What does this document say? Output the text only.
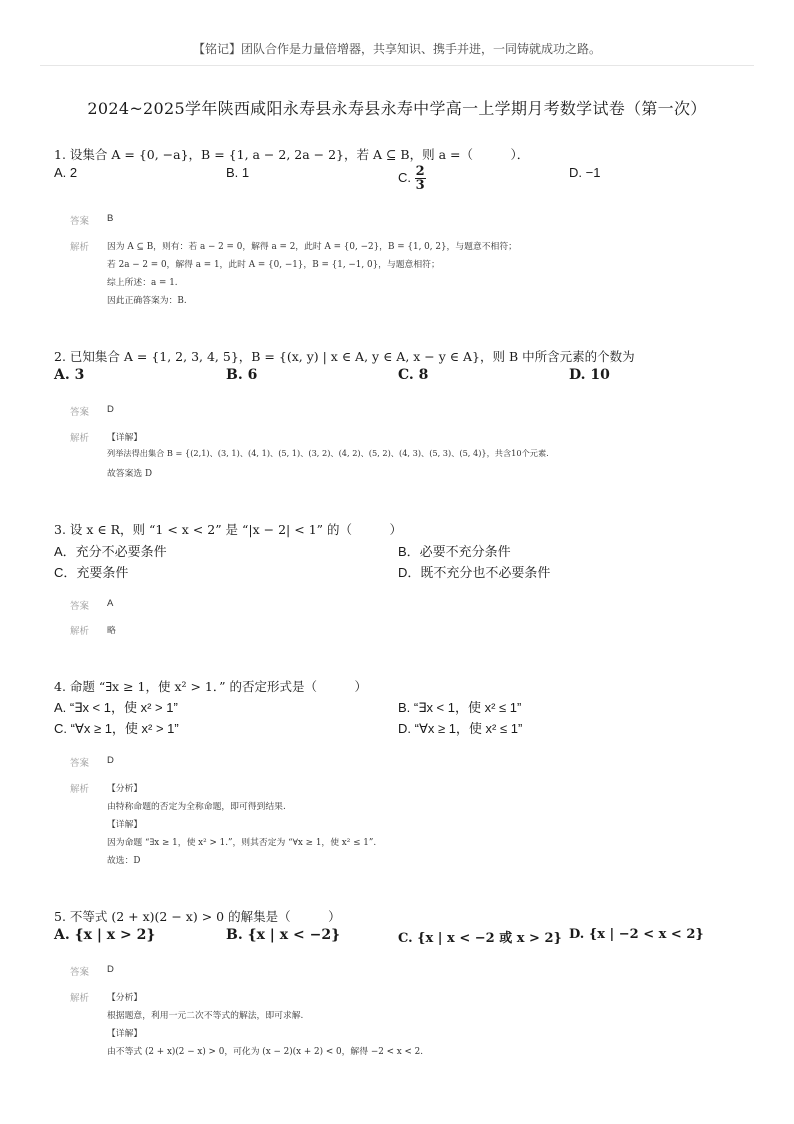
【铭记】团队合作是力量倍增器，共享知识、携手并进，一同铸就成功之路。
2024~2025学年陕西咸阳永寿县永寿县永寿中学高一上学期月考数学试卷（第一次）
1. 设集合 A = {0, −a}，B = {1, a − 2, 2a − 2}，若 A ⊆ B，则 a =（　　　）．
A. 2	B. 1	C. $\frac{2}{3}$	D. −1
答案 B
解析 因为 A ⊆ B，则有：若 a − 2 = 0，解得 a = 2，此时 A = {0, −2}，B = {1, 0, 2}，与题意不相符；
若 2a − 2 = 0，解得 a = 1，此时 A = {0, −1}，B = {1, −1, 0}，与题意相符；
综上所述：a = 1.
因此正确答案为：B.
2. 已知集合 A = {1, 2, 3, 4, 5}，B = {(x, y) | x ∈ A, y ∈ A, x − y ∈ A}，则 B 中所含元素的个数为
A. 3	B. 6	C. 8	D. 10
答案 D
解析 【详解】
列举法得出集合 B = {(2,1)、(3, 1)、(4, 1)、(5, 1)、(3, 2)、(4, 2)、(5, 2)、(4, 3)、(5, 3)、(5, 4)}，共含10个元素.
故答案选 D
3. 设 x ∈ R，则 “1 < x < 2” 是 “|x − 2| < 1” 的（　　　）
A．充分不必要条件	B．必要不充分条件
C．充要条件	D．既不充分也不必要条件
答案 A
解析 略
4. 命题 “∃x ≥ 1，使 x² > 1．” 的否定形式是（　　　）
A. “∃x < 1，使 x² > 1”	B. “∃x < 1，使 x² ≤ 1”
C. “∀x ≥ 1，使 x² > 1”	D. “∀x ≥ 1，使 x² ≤ 1”
答案 D
解析 【分析】
由特称命题的否定为全称命题，即可得到结果.
【详解】
因为命题 “∃x ≥ 1，使 x² > 1.”，则其否定为 “∀x ≥ 1，使 x² ≤ 1”.
故选：D
5. 不等式 (2 + x)(2 − x) > 0 的解集是（　　　）
A. {x | x > 2}	B. {x | x < −2}	C. {x | x < −2 或 x > 2} D. {x | −2 < x < 2}
答案 D
解析 【分析】
根据题意，利用一元二次不等式的解法，即可求解.
【详解】
由不等式 (2 + x)(2 − x) > 0，可化为 (x − 2)(x + 2) < 0，解得 −2 < x < 2.
